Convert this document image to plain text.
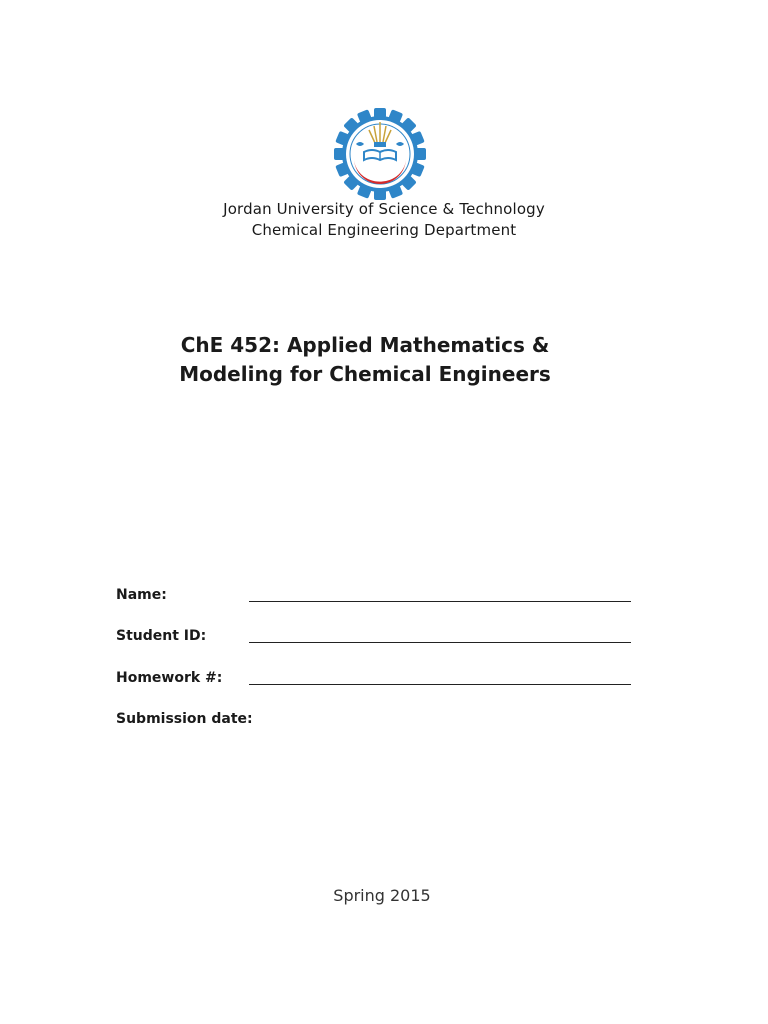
Jordan University of Science & Technology
Chemical Engineering Department
ChE 452: Applied Mathematics &
Modeling for Chemical Engineers
Name:
Student ID:
Homework #:
Submission date:
Spring 2015
